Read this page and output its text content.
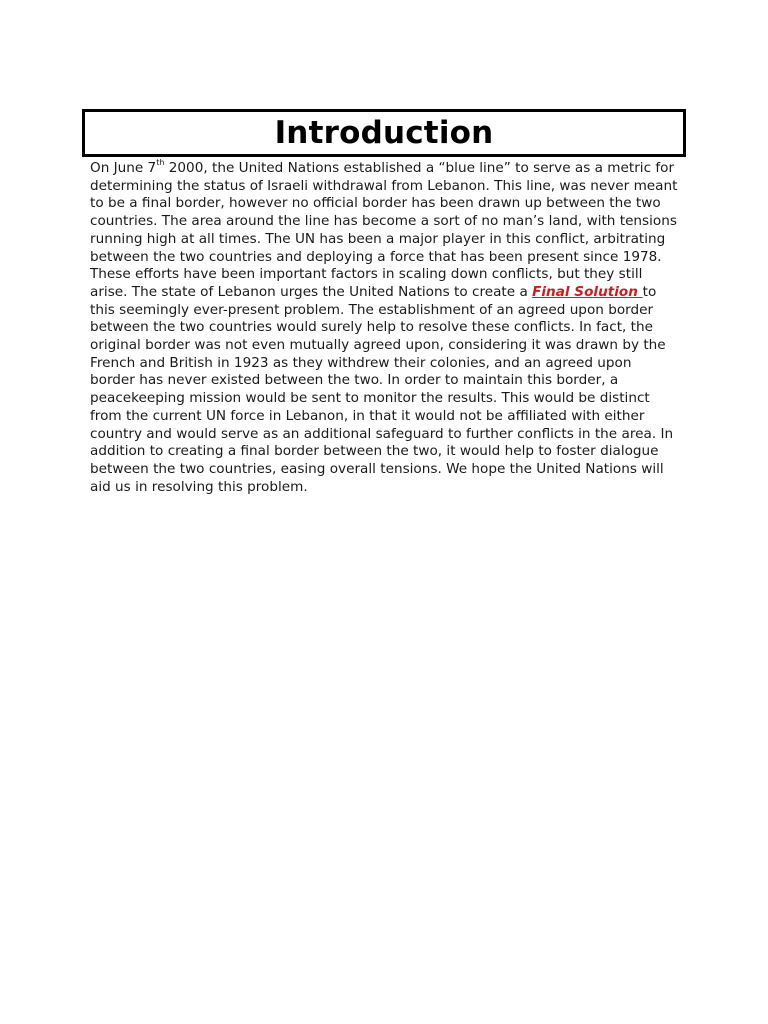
Introduction

On June 7th 2000, the United Nations established a “blue line” to serve as a metric for determining the status of Israeli withdrawal from Lebanon. This line, was never meant to be a final border, however no official border has been drawn up between the two countries. The area around the line has become a sort of no man’s land, with tensions running high at all times. The UN has been a major player in this conflict, arbitrating between the two countries and deploying a force that has been present since 1978. These efforts have been important factors in scaling down conflicts, but they still arise. The state of Lebanon urges the United Nations to create a Final Solution to this seemingly ever-present problem. The establishment of an agreed upon border between the two countries would surely help to resolve these conflicts. In fact, the original border was not even mutually agreed upon, considering it was drawn by the French and British in 1923 as they withdrew their colonies, and an agreed upon border has never existed between the two. In order to maintain this border, a peacekeeping mission would be sent to monitor the results. This would be distinct from the current UN force in Lebanon, in that it would not be affiliated with either country and would serve as an additional safeguard to further conflicts in the area. In addition to creating a final border between the two, it would help to foster dialogue between the two countries, easing overall tensions. We hope the United Nations will aid us in resolving this problem.
